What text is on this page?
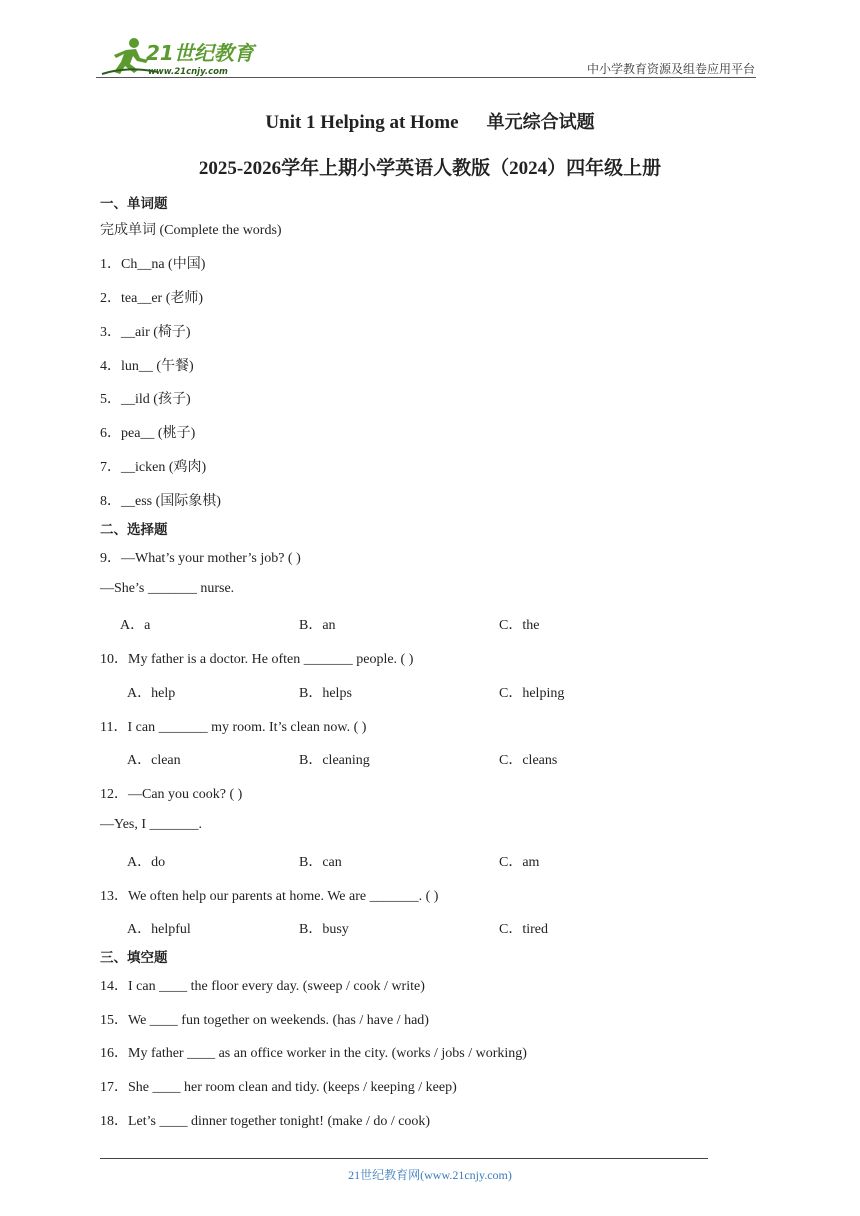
21世纪教育
www.21cnjy.com	中小学教育资源及组卷应用平台
Unit 1 Helping at Home 单元综合试题
2025-2026学年上期小学英语人教版（2024）四年级上册
一、单词题
完成单词 (Complete the words)
1．Ch__na (中国)
2．tea__er (老师)
3．__air (椅子)
4．lun__ (午餐)
5．__ild (孩子)
6．pea__ (桃子)
7．__icken (鸡肉)
8．__ess (国际象棋)
二、选择题
9．—What’s your mother’s job? ( )
—She’s _______ nurse.
A．a	B．an	C．the
10．My father is a doctor. He often _______ people. ( )
A．help	B．helps	C．helping
11．I can _______ my room. It’s clean now. ( )
A．clean	B．cleaning	C．cleans
12．—Can you cook? ( )
—Yes, I _______.
A．do	B．can	C．am
13．We often help our parents at home. We are _______. ( )
A．helpful	B．busy	C．tired
三、填空题
14．I can ____ the floor every day. (sweep / cook / write)
15．We ____ fun together on weekends. (has / have / had)
16．My father ____ as an office worker in the city. (works / jobs / working)
17．She ____ her room clean and tidy. (keeps / keeping / keep)
18．Let’s ____ dinner together tonight! (make / do / cook)
21世纪教育网(www.21cnjy.com)
